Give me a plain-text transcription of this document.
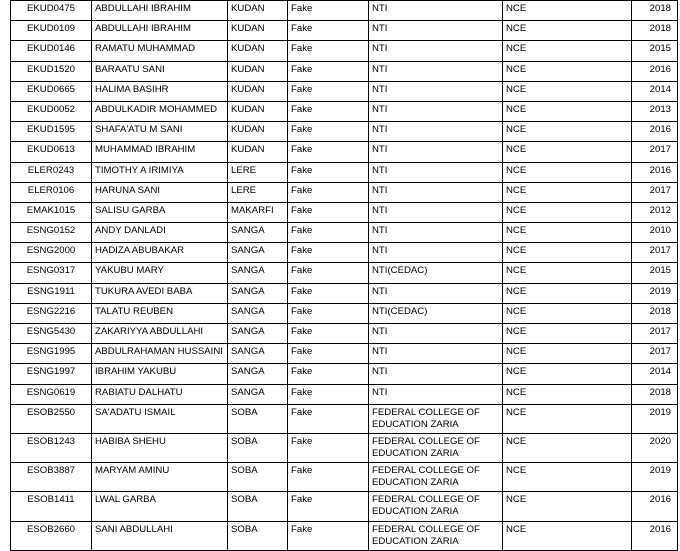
EKUD0475	ABDULLAHI IBRAHIM	KUDAN	Fake	NTI	NCE	2018
EKUD0109	ABDULLAHI IBRAHIM	KUDAN	Fake	NTI	NCE	2018
EKUD0146	RAMATU MUHAMMAD	KUDAN	Fake	NTI	NCE	2015
EKUD1520	BARAATU SANI	KUDAN	Fake	NTI	NCE	2016
EKUD0665	HALIMA BASIHR	KUDAN	Fake	NTI	NCE	2014
EKUD0052	ABDULKADIR MOHAMMED	KUDAN	Fake	NTI	NCE	2013
EKUD1595	SHAFA'ATU M SANI	KUDAN	Fake	NTI	NCE	2016
EKUD0613	MUHAMMAD IBRAHIM	KUDAN	Fake	NTI	NCE	2017
ELER0243	TIMOTHY A IRIMIYA	LERE	Fake	NTI	NCE	2016
ELER0106	HARUNA SANI	LERE	Fake	NTI	NCE	2017
EMAK1015	SALISU GARBA	MAKARFI	Fake	NTI	NCE	2012
ESNG0152	ANDY DANLADI	SANGA	Fake	NTI	NCE	2010
ESNG2000	HADIZA ABUBAKAR	SANGA	Fake	NTI	NCE	2017
ESNG0317	YAKUBU MARY	SANGA	Fake	NTI(CEDAC)	NCE	2015
ESNG1911	TUKURA AVEDI BABA	SANGA	Fake	NTI	NCE	2019
ESNG2216	TALATU REUBEN	SANGA	Fake	NTI(CEDAC)	NCE	2018
ESNG5430	ZAKARIYYA ABDULLAHI	SANGA	Fake	NTI	NCE	2017
ESNG1995	ABDULRAHAMAN HUSSAINI	SANGA	Fake	NTI	NCE	2017
ESNG1997	IBRAHIM YAKUBU	SANGA	Fake	NTI	NCE	2014
ESNG0619	RABIATU DALHATU	SANGA	Fake	NTI	NCE	2018
ESOB2550	SA'ADATU ISMAIL	SOBA	Fake	FEDERAL COLLEGE OF EDUCATION ZARIA	NCE	2019
ESOB1243	HABIBA SHEHU	SOBA	Fake	FEDERAL COLLEGE OF EDUCATION ZARIA	NCE	2020
ESOB3887	MARYAM AMINU	SOBA	Fake	FEDERAL COLLEGE OF EDUCATION ZARIA	NCE	2019
ESOB1411	LWAL GARBA	SOBA	Fake	FEDERAL COLLEGE OF EDUCATION ZARIA	NCE	2016
ESOB2660	SANI ABDULLAHI	SOBA	Fake	FEDERAL COLLEGE OF EDUCATION ZARIA	NCE	2016
